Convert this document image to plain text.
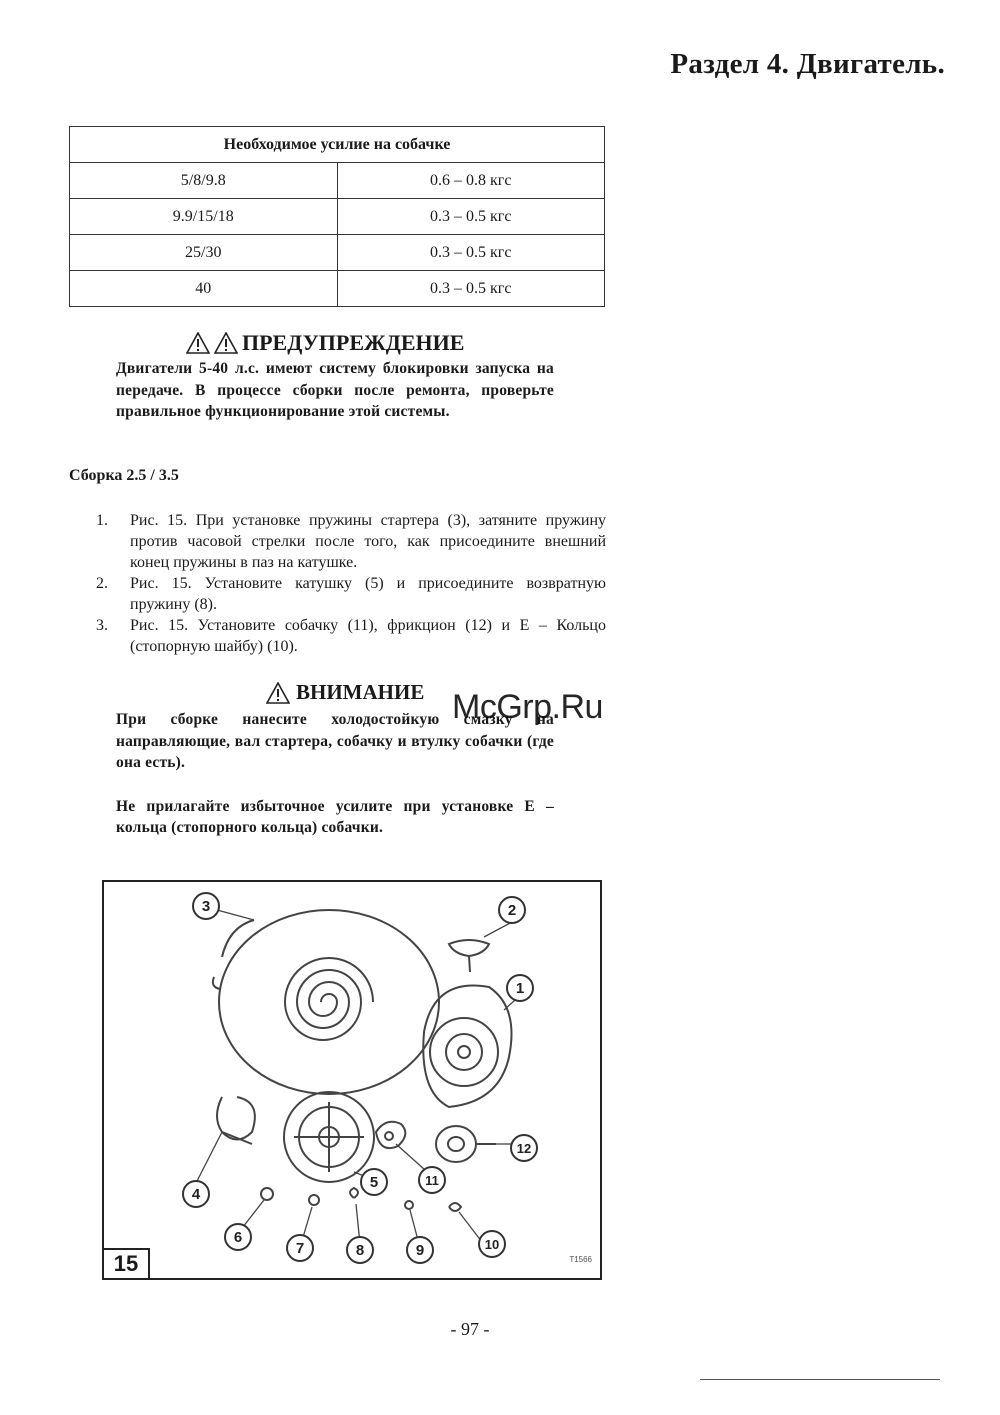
Раздел 4. Двигатель.
Необходимое усилие на собачке	
5/8/9.8	0.6 – 0.8 кгс
9.9/15/18	0.3 – 0.5 кгс
25/30	0.3 – 0.5 кгс
40	0.3 – 0.5 кгс
ПРЕДУПРЕЖДЕНИЕ
Двигатели 5-40 л.с. имеют систему блокировки запуска на передаче. В процессе сборки после ремонта, проверьте правильное функционирование этой системы.
Сборка 2.5 / 3.5
1. Рис. 15. При установке пружины стартера (3), затяните пружину против часовой стрелки после того, как присоедините внешний конец пружины в паз на катушке.
2. Рис. 15. Установите катушку (5) и присоедините возвратную пружину (8).
3. Рис. 15. Установите собачку (11), фрикцион (12) и Е – Кольцо (стопорную шайбу) (10).
ВНИМАНИЕ

При сборке нанесите холодостойкую смазку на направляющие, вал стартера, собачку и втулку собачки (где она есть).

Не прилагайте избыточное усилите при установке Е – кольца (стопорного кольца) собачки.

McGrp.Ru
1
2
3
4
5
6
7	8	9	10
11
12
15	T1566
- 97 -
